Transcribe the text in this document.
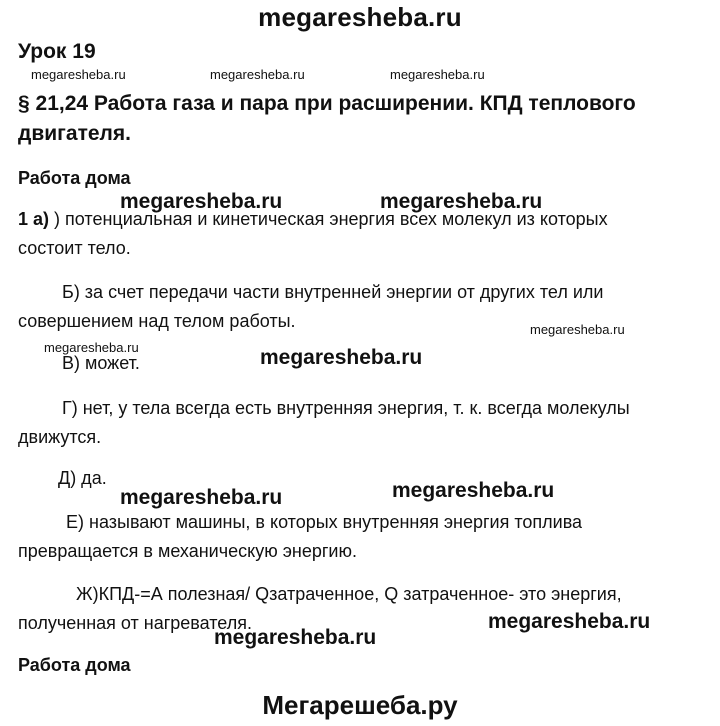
megaresheba.ru
Урок 19
megaresheba.ru	megaresheba.ru	megaresheba.ru
§ 21,24 Работа газа и пара при расширении. КПД теплового двигателя.
Работа дома
megaresheba.ru	megaresheba.ru
1 а) ) потенциальная и кинетическая энергия всех молекул из которых состоит тело.
Б) за счет передачи части внутренней энергии от других тел или совершением над телом работы.	megaresheba.ru
megaresheba.ru	megaresheba.ru
В) может.
Г) нет, у тела всегда есть внутренняя энергия, т. к. всегда молекулы движутся.
Д) да.
megaresheba.ru	megaresheba.ru
Е) называют машины, в которых внутренняя энергия топлива превращается в механическую энергию.
Ж)КПД-=А полезная/ Qзатраченное, Q затраченное- это энергия, полученная от нагревателя.
megaresheba.ru
megaresheba.ru
Работа дома
Мегарешеба.ру
